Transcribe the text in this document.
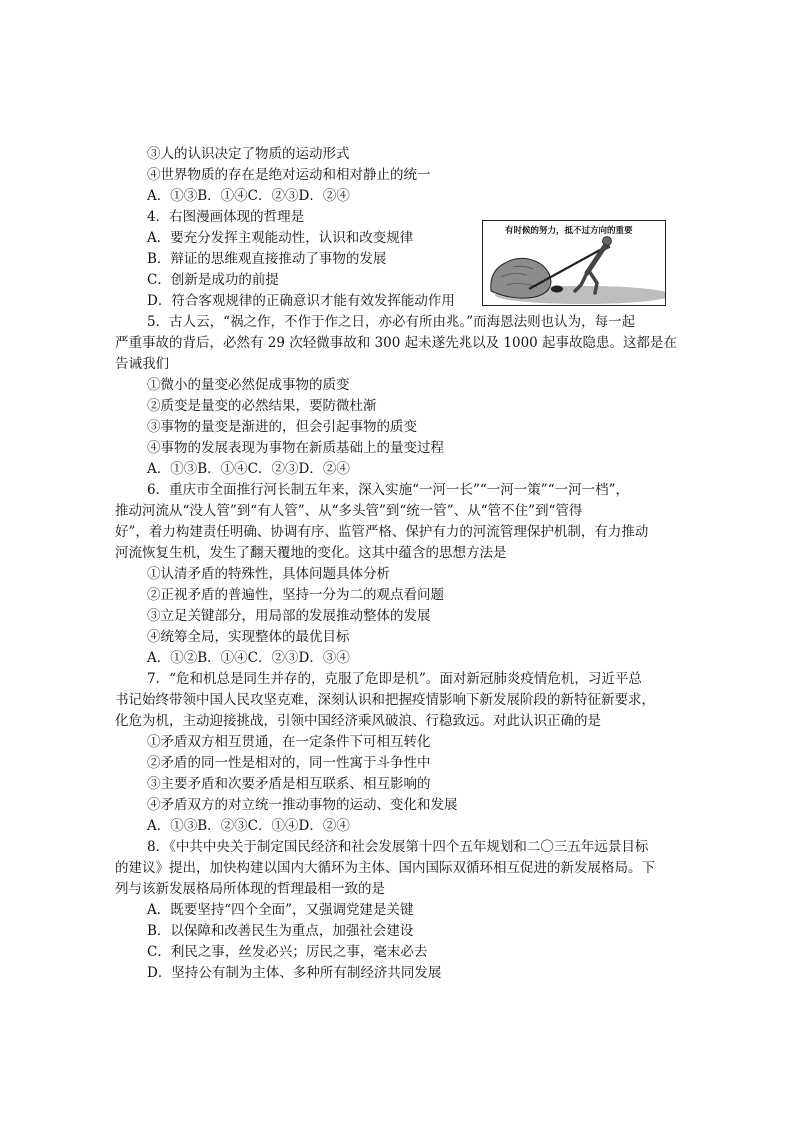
③人的认识决定了物质的运动形式
④世界物质的存在是绝对运动和相对静止的统一
A．①③B．①④C．②③D．②④
4．右图漫画体现的哲理是
A．要充分发挥主观能动性，认识和改变规律
B．辩证的思维观直接推动了事物的发展
C．创新是成功的前提
D．符合客观规律的正确意识才能有效发挥能动作用
有时候的努力，抵不过方向的重要
5．古人云，“祸之作，不作于作之日，亦必有所由兆。”而海恩法则也认为，每一起
严重事故的背后，必然有 29 次轻微事故和 300 起未遂先兆以及 1000 起事故隐患。这都是在
告诫我们
①微小的量变必然促成事物的质变
②质变是量变的必然结果，要防微杜渐
③事物的量变是渐进的，但会引起事物的质变
④事物的发展表现为事物在新质基础上的量变过程
A．①③B．①④C．②③D．②④
6．重庆市全面推行河长制五年来，深入实施“一河一长”“一河一策”“一河一档”，
推动河流从“没人管”到“有人管”、从“多头管”到“统一管”、从“管不住”到“管得
好”，着力构建责任明确、协调有序、监管严格、保护有力的河流管理保护机制，有力推动
河流恢复生机，发生了翻天覆地的变化。这其中蕴含的思想方法是
①认清矛盾的特殊性，具体问题具体分析
②正视矛盾的普遍性，坚持一分为二的观点看问题
③立足关键部分，用局部的发展推动整体的发展
④统筹全局，实现整体的最优目标
A．①②B．①④C．②③D．③④
7．“危和机总是同生并存的，克服了危即是机”。面对新冠肺炎疫情危机，习近平总
书记始终带领中国人民攻坚克难，深刻认识和把握疫情影响下新发展阶段的新特征新要求，
化危为机，主动迎接挑战，引领中国经济乘风破浪、行稳致远。对此认识正确的是
①矛盾双方相互贯通，在一定条件下可相互转化
②矛盾的同一性是相对的，同一性寓于斗争性中
③主要矛盾和次要矛盾是相互联系、相互影响的
④矛盾双方的对立统一推动事物的运动、变化和发展
A．①③B．②③C．①④D．②④
8．《中共中央关于制定国民经济和社会发展第十四个五年规划和二〇三五年远景目标
的建议》提出，加快构建以国内大循环为主体、国内国际双循环相互促进的新发展格局。下
列与该新发展格局所体现的哲理最相一致的是
A．既要坚持“四个全面”，又强调党建是关键
B．以保障和改善民生为重点，加强社会建设
C．利民之事，丝发必兴；厉民之事，毫末必去
D．坚持公有制为主体、多种所有制经济共同发展
